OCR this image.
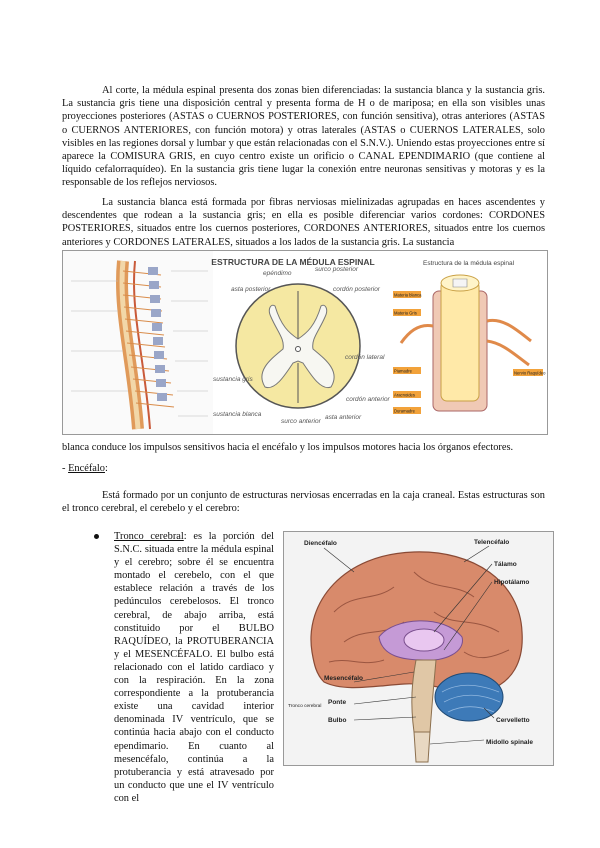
Al corte, la médula espinal presenta dos zonas bien diferenciadas: la sustancia blanca y la sustancia gris. La sustancia gris tiene una disposición central y presenta forma de H o de mariposa; en ella son visibles unas proyecciones posteriores (ASTAS o CUERNOS POSTERIORES, con función sensitiva), otras anteriores (ASTAS o CUERNOS ANTERIORES, con función motora) y otras laterales (ASTAS o CUERNOS LATERALES, solo visibles en las regiones dorsal y lumbar y que están relacionadas con el S.N.V.). Uniendo estas proyecciones entre sí aparece la COMISURA GRIS, en cuyo centro existe un orificio o CANAL EPENDIMARIO (que contiene al líquido cefalorraquídeo). En la sustancia gris tiene lugar la conexión entre neuronas sensitivas y motoras y es la responsable de los reflejos nerviosos.

La sustancia blanca está formada por fibras nerviosas mielinizadas agrupadas en haces ascendentes y descendentes que rodean a la sustancia gris; en ella es posible diferenciar varios cordones: CORDONES POSTERIORES, situados entre los cuernos posteriores, CORDONES ANTERIORES, situados entre los cuernos anteriores y CORDONES LATERALES, situados a los lados de la sustancia gris. La sustancia

ESTRUCTURA DE LA MÉDULA ESPINAL
epéndimo
surco posterior
cordón posterior
asta posterior
sustancia gris
cordón lateral
sustancia blanca
cordón anterior
surco anterior
asta anterior
Estructura de la médula espinal
Materia blanca
Materia Gris
Piamadre
Aracnoides
Duramadre
Nervio Raquídeo

blanca conduce los impulsos sensitivos hacia el encéfalo y los impulsos motores hacia los órganos efectores.

- Encéfalo:

Está formado por un conjunto de estructuras nerviosas encerradas en la caja craneal. Estas estructuras son el tronco cerebral, el cerebelo y el cerebro:

Tronco cerebral: es la porción del S.N.C. situada entre la médula espinal y el cerebro; sobre él se encuentra montado el cerebelo, con el que establece relación a través de los pedúnculos cerebelosos. El tronco cerebral, de abajo arriba, está constituido por el BULBO RAQUÍDEO, la PROTUBERANCIA y el MESENCÉFALO. El bulbo está relacionado con el latido cardiaco y con la respiración. En la zona correspondiente a la protuberancia existe una cavidad interior denominada IV ventrículo, que se continúa hacia abajo con el conducto ependimario. En cuanto al mesencéfalo, continúa a la protuberancia y está atravesado por un conducto que une el IV ventrículo con el

Diencéfalo	Telencéfalo
Tálamo
Hipotálamo
Mesencéfalo
Ponte
Bulbo	Cervelletto
Midollo spinale
Tronco cerebral
